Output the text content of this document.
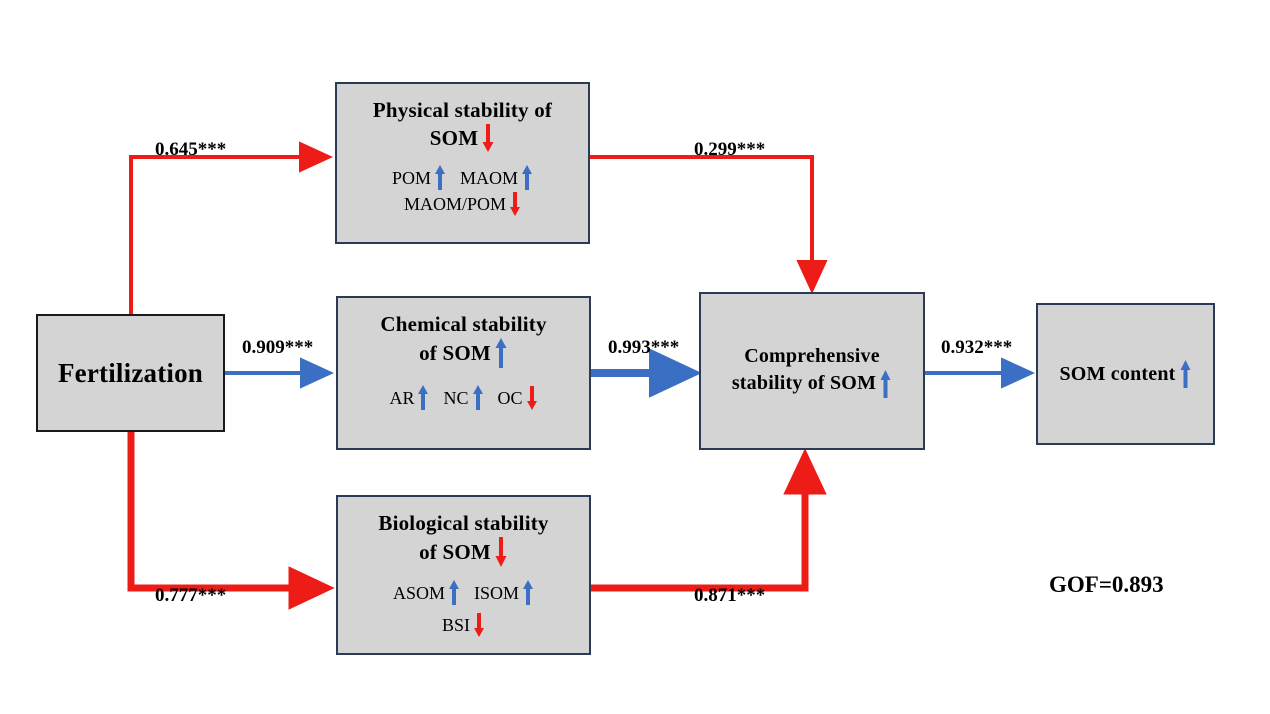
Fertilization
Physical stability of
SOM
POM MAOM
MAOM/POM
Chemical stability
of SOM
AR NC OC
Biological stability
of SOM
ASOM ISOM
BSI
Comprehensive
stability of SOM	SOM content
0.645***
0.909***
0.777***
0.299***
0.993***
0.871***
0.932***
GOF=0.893
